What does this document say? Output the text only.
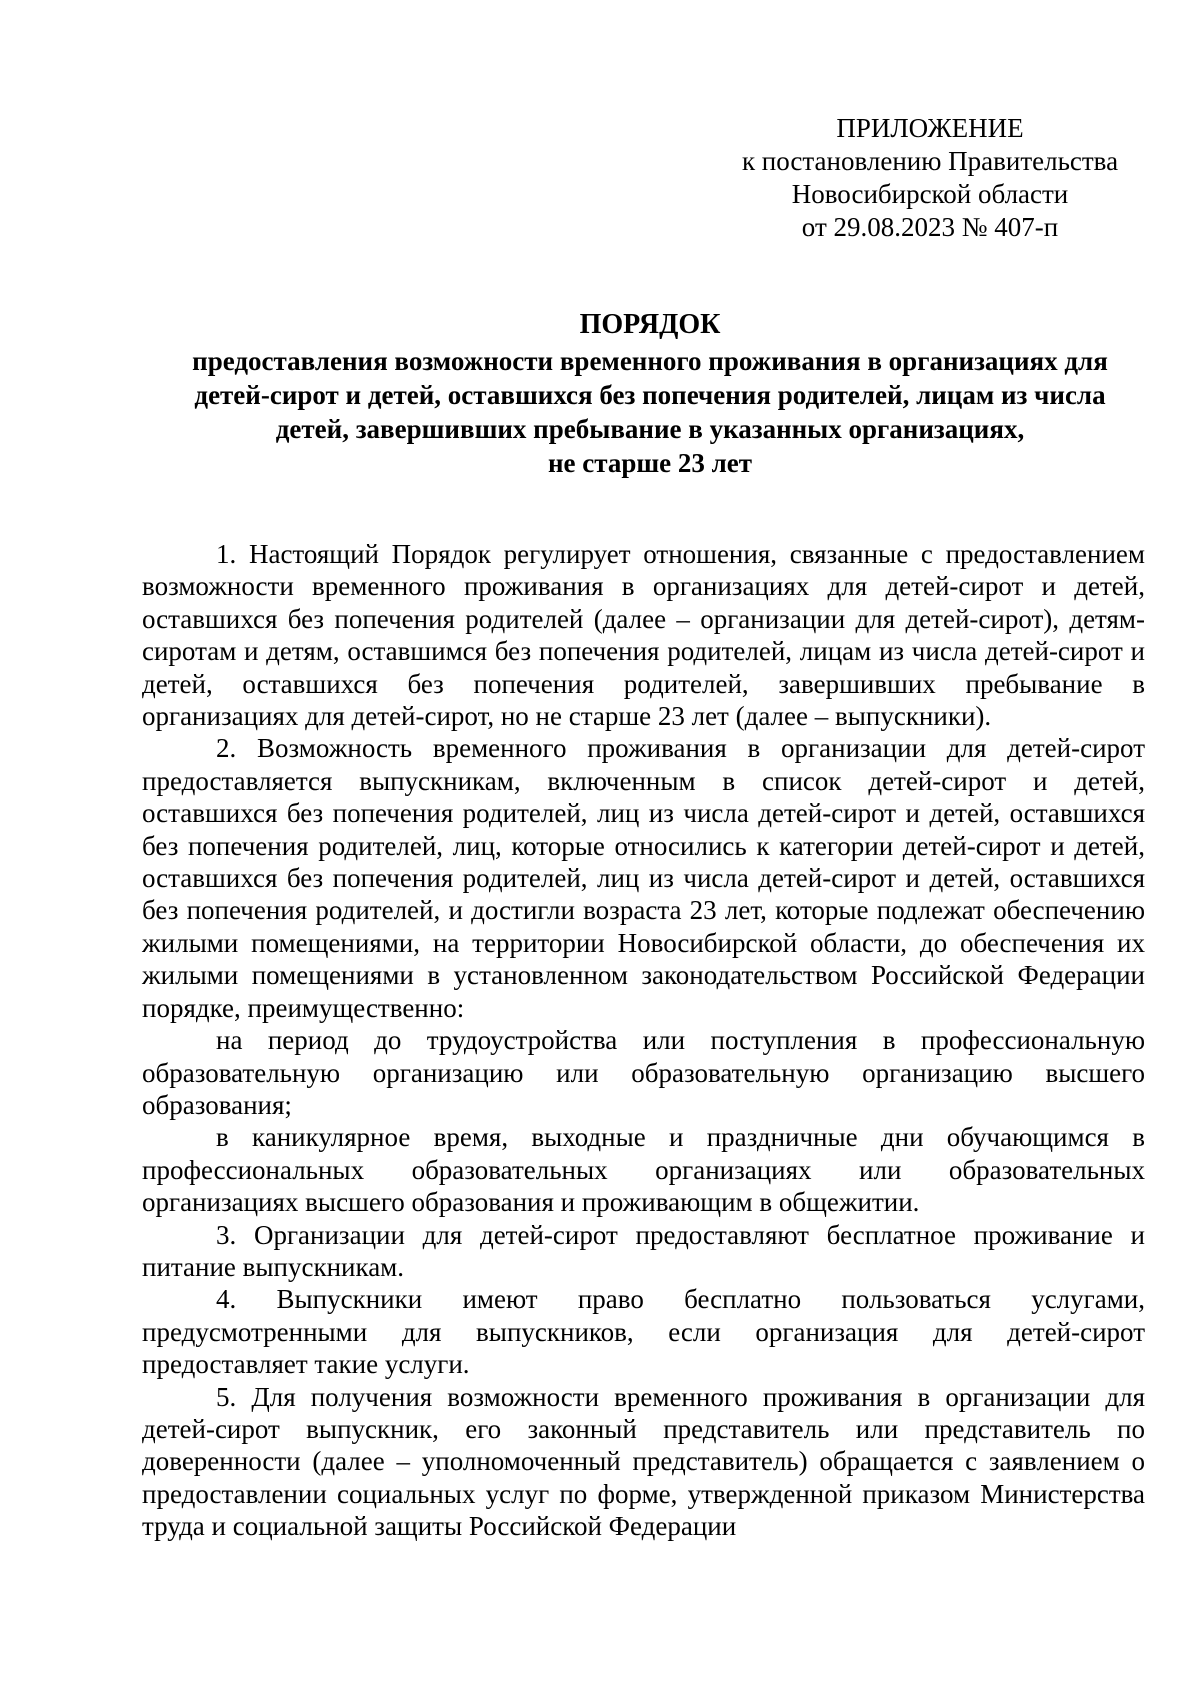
ПРИЛОЖЕНИЕ
к постановлению Правительства
Новосибирской области
от 29.08.2023 № 407-п
ПОРЯДОК
предоставления возможности временного проживания в организациях для
детей-сирот и детей, оставшихся без попечения родителей, лицам из числа
детей, завершивших пребывание в указанных организациях,
не старше 23 лет

1. Настоящий Порядок регулирует отношения, связанные с предоставлением возможности временного проживания в организациях для детей-сирот и детей, оставшихся без попечения родителей (далее – организации для детей-сирот), детям-сиротам и детям, оставшимся без попечения родителей, лицам из числа детей-сирот и детей, оставшихся без попечения родителей, завершивших пребывание в организациях для детей-сирот, но не старше 23 лет (далее – выпускники).

2. Возможность временного проживания в организации для детей-сирот предоставляется выпускникам, включенным в список детей-сирот и детей, оставшихся без попечения родителей, лиц из числа детей-сирот и детей, оставшихся без попечения родителей, лиц, которые относились к категории детей-сирот и детей, оставшихся без попечения родителей, лиц из числа детей-сирот и детей, оставшихся без попечения родителей, и достигли возраста 23 лет, которые подлежат обеспечению жилыми помещениями, на территории Новосибирской области, до обеспечения их жилыми помещениями в установленном законодательством Российской Федерации порядке, преимущественно:

на период до трудоустройства или поступления в профессиональную образовательную организацию или образовательную организацию высшего образования;

в каникулярное время, выходные и праздничные дни обучающимся в профессиональных образовательных организациях или образовательных организациях высшего образования и проживающим в общежитии.

3. Организации для детей-сирот предоставляют бесплатное проживание и питание выпускникам.

4. Выпускники имеют право бесплатно пользоваться услугами, предусмотренными для выпускников, если организация для детей-сирот предоставляет такие услуги.

5. Для получения возможности временного проживания в организации для детей-сирот выпускник, его законный представитель или представитель по доверенности (далее – уполномоченный представитель) обращается с заявлением о предоставлении социальных услуг по форме, утвержденной приказом Министерства труда и социальной защиты Российской Федерации
